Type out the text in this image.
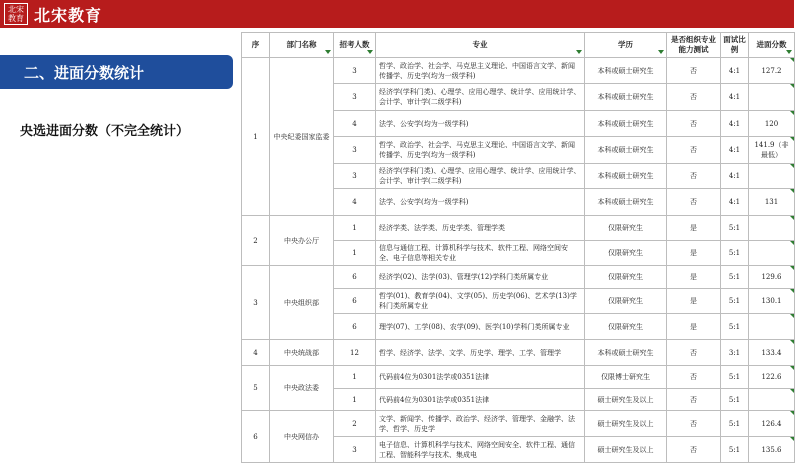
北宋教育 北宋教育
二、进面分数统计
央选进面分数（不完全统计）
序	部门名称	招考人数	专业	学历	是否组织专业能力测试	面试比例	进面分数

1	中央纪委国家监委	3	哲学、政治学、社会学、马克思主义理论、中国语言文学、新闻传播学、历史学(均为一级学科)	本科或硕士研究生	否	4:1	127.2
		3	经济学(学科门类)、心理学、应用心理学、统计学、应用统计学、会计学、审计学(二级学科)	本科或硕士研究生	否	4:1	
		4	法学、公安学(均为一级学科)	本科或硕士研究生	否	4:1	120
		3	哲学、政治学、社会学、马克思主义理论、中国语言文学、新闻传播学、历史学(均为一级学科)	本科或硕士研究生	否	4:1	141.9（非最低）
		3	经济学(学科门类)、心理学、应用心理学、统计学、应用统计学、会计学、审计学(二级学科)	本科或硕士研究生	否	4:1	
		4	法学、公安学(均为一级学科)	本科或硕士研究生	否	4:1	131
2	中央办公厅	1	经济学类、法学类、历史学类、管理学类	仅限研究生	是	5:1	
		1	信息与通信工程、计算机科学与技术、软件工程、网络空间安全、电子信息等相关专业	仅限研究生	是	5:1	
3	中央组织部	6	经济学(02)、法学(03)、管理学(12)学科门类所属专业	仅限研究生	是	5:1	129.6
		6	哲学(01)、教育学(04)、文学(05)、历史学(06)、艺术学(13)学科门类所属专业	仅限研究生	是	5:1	130.1
		6	理学(07)、工学(08)、农学(09)、医学(10)学科门类所属专业	仅限研究生	是	5:1	
4	中央统战部	12	哲学、经济学、法学、文学、历史学、理学、工学、管理学	本科或硕士研究生	否	3:1	133.4
5	中央政法委	1	代码前4位为0301法学或0351法律	仅限博士研究生	否	5:1	122.6
		1	代码前4位为0301法学或0351法律	硕士研究生及以上	否	5:1	
6	中央网信办	2	文学、新闻学、传播学、政治学、经济学、管理学、金融学、法学、哲学、历史学	硕士研究生及以上	否	5:1	126.4
		3	电子信息、计算机科学与技术、网络空间安全、软件工程、通信工程、智能科学与技术、集成电	硕士研究生及以上	否	5:1	135.6
